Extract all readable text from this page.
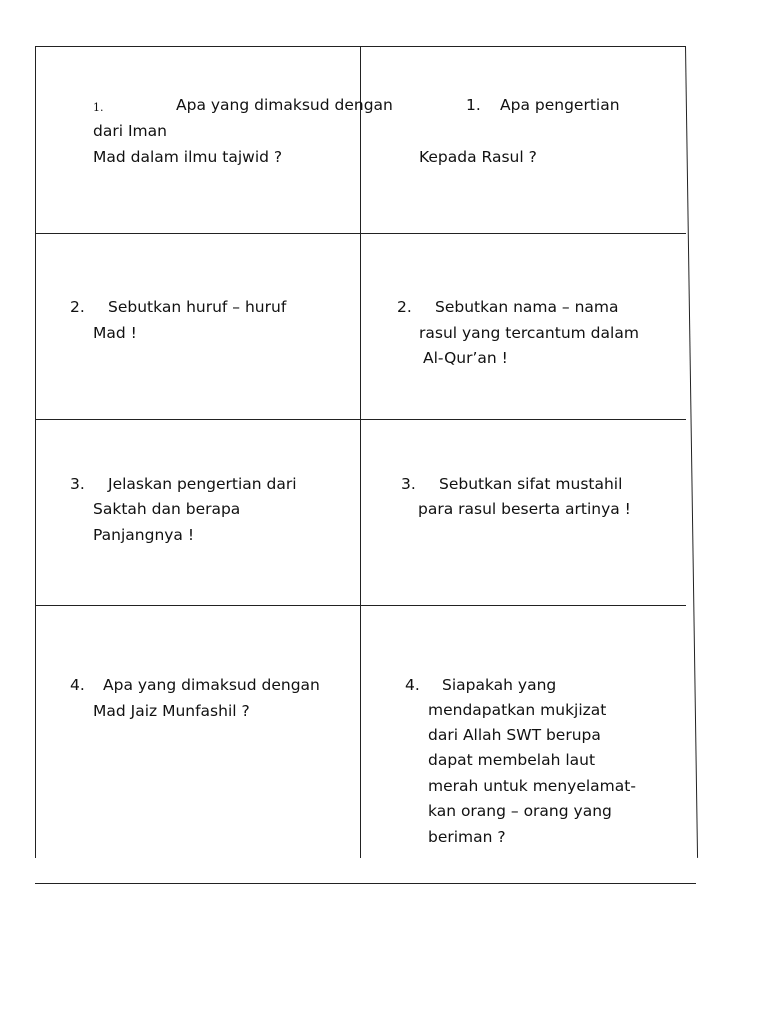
1.	Apa yang dimaksud dengan
dari Iman
Mad dalam ilmu tajwid ?
1. Apa pengertian
Kepada Rasul ?
2. Sebutkan huruf – huruf
Mad !
2. Sebutkan nama – nama
rasul yang tercantum dalam
Al-Qur’an !
3. Jelaskan pengertian dari
Saktah dan berapa
Panjangnya !
3. Sebutkan sifat mustahil
para rasul beserta artinya !
4. Apa yang dimaksud dengan
Mad Jaiz Munfashil ?
4. Siapakah yang
mendapatkan mukjizat
dari Allah SWT berupa
dapat membelah laut
merah untuk menyelamat-
kan orang – orang yang
beriman ?
